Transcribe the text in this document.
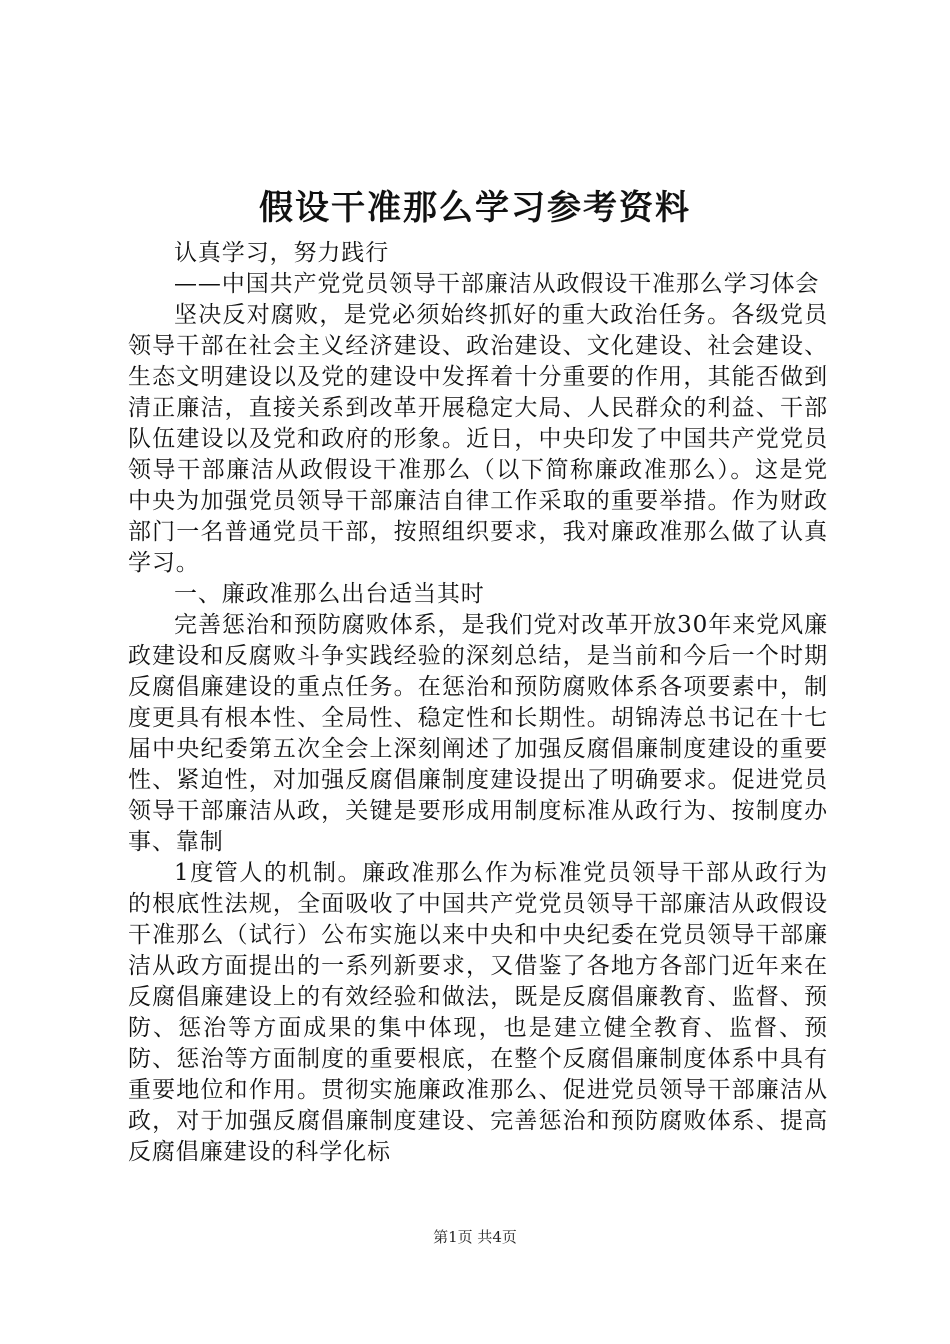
假设干准那么学习参考资料

认真学习，努力践行

——中国共产党党员领导干部廉洁从政假设干准那么学习体会

坚决反对腐败，是党必须始终抓好的重大政治任务。各级党员领导干部在社会主义经济建设、政治建设、文化建设、社会建设、生态文明建设以及党的建设中发挥着十分重要的作用，其能否做到清正廉洁，直接关系到改革开展稳定大局、人民群众的利益、干部队伍建设以及党和政府的形象。近日，中央印发了中国共产党党员领导干部廉洁从政假设干准那么（以下简称廉政准那么）。这是党中央为加强党员领导干部廉洁自律工作采取的重要举措。作为财政部门一名普通党员干部，按照组织要求，我对廉政准那么做了认真学习。

一、廉政准那么出台适当其时

完善惩治和预防腐败体系，是我们党对改革开放30年来党风廉政建设和反腐败斗争实践经验的深刻总结，是当前和今后一个时期反腐倡廉建设的重点任务。在惩治和预防腐败体系各项要素中，制度更具有根本性、全局性、稳定性和长期性。胡锦涛总书记在十七届中央纪委第五次全会上深刻阐述了加强反腐倡廉制度建设的重要性、紧迫性，对加强反腐倡廉制度建设提出了明确要求。促进党员领导干部廉洁从政，关键是要形成用制度标准从政行为、按制度办事、靠制

1度管人的机制。廉政准那么作为标准党员领导干部从政行为的根底性法规，全面吸收了中国共产党党员领导干部廉洁从政假设干准那么（试行）公布实施以来中央和中央纪委在党员领导干部廉洁从政方面提出的一系列新要求，又借鉴了各地方各部门近年来在反腐倡廉建设上的有效经验和做法，既是反腐倡廉教育、监督、预防、惩治等方面成果的集中体现，也是建立健全教育、监督、预防、惩治等方面制度的重要根底，在整个反腐倡廉制度体系中具有重要地位和作用。贯彻实施廉政准那么、促进党员领导干部廉洁从政，对于加强反腐倡廉制度建设、完善惩治和预防腐败体系、提高反腐倡廉建设的科学化标

第1页 共4页
